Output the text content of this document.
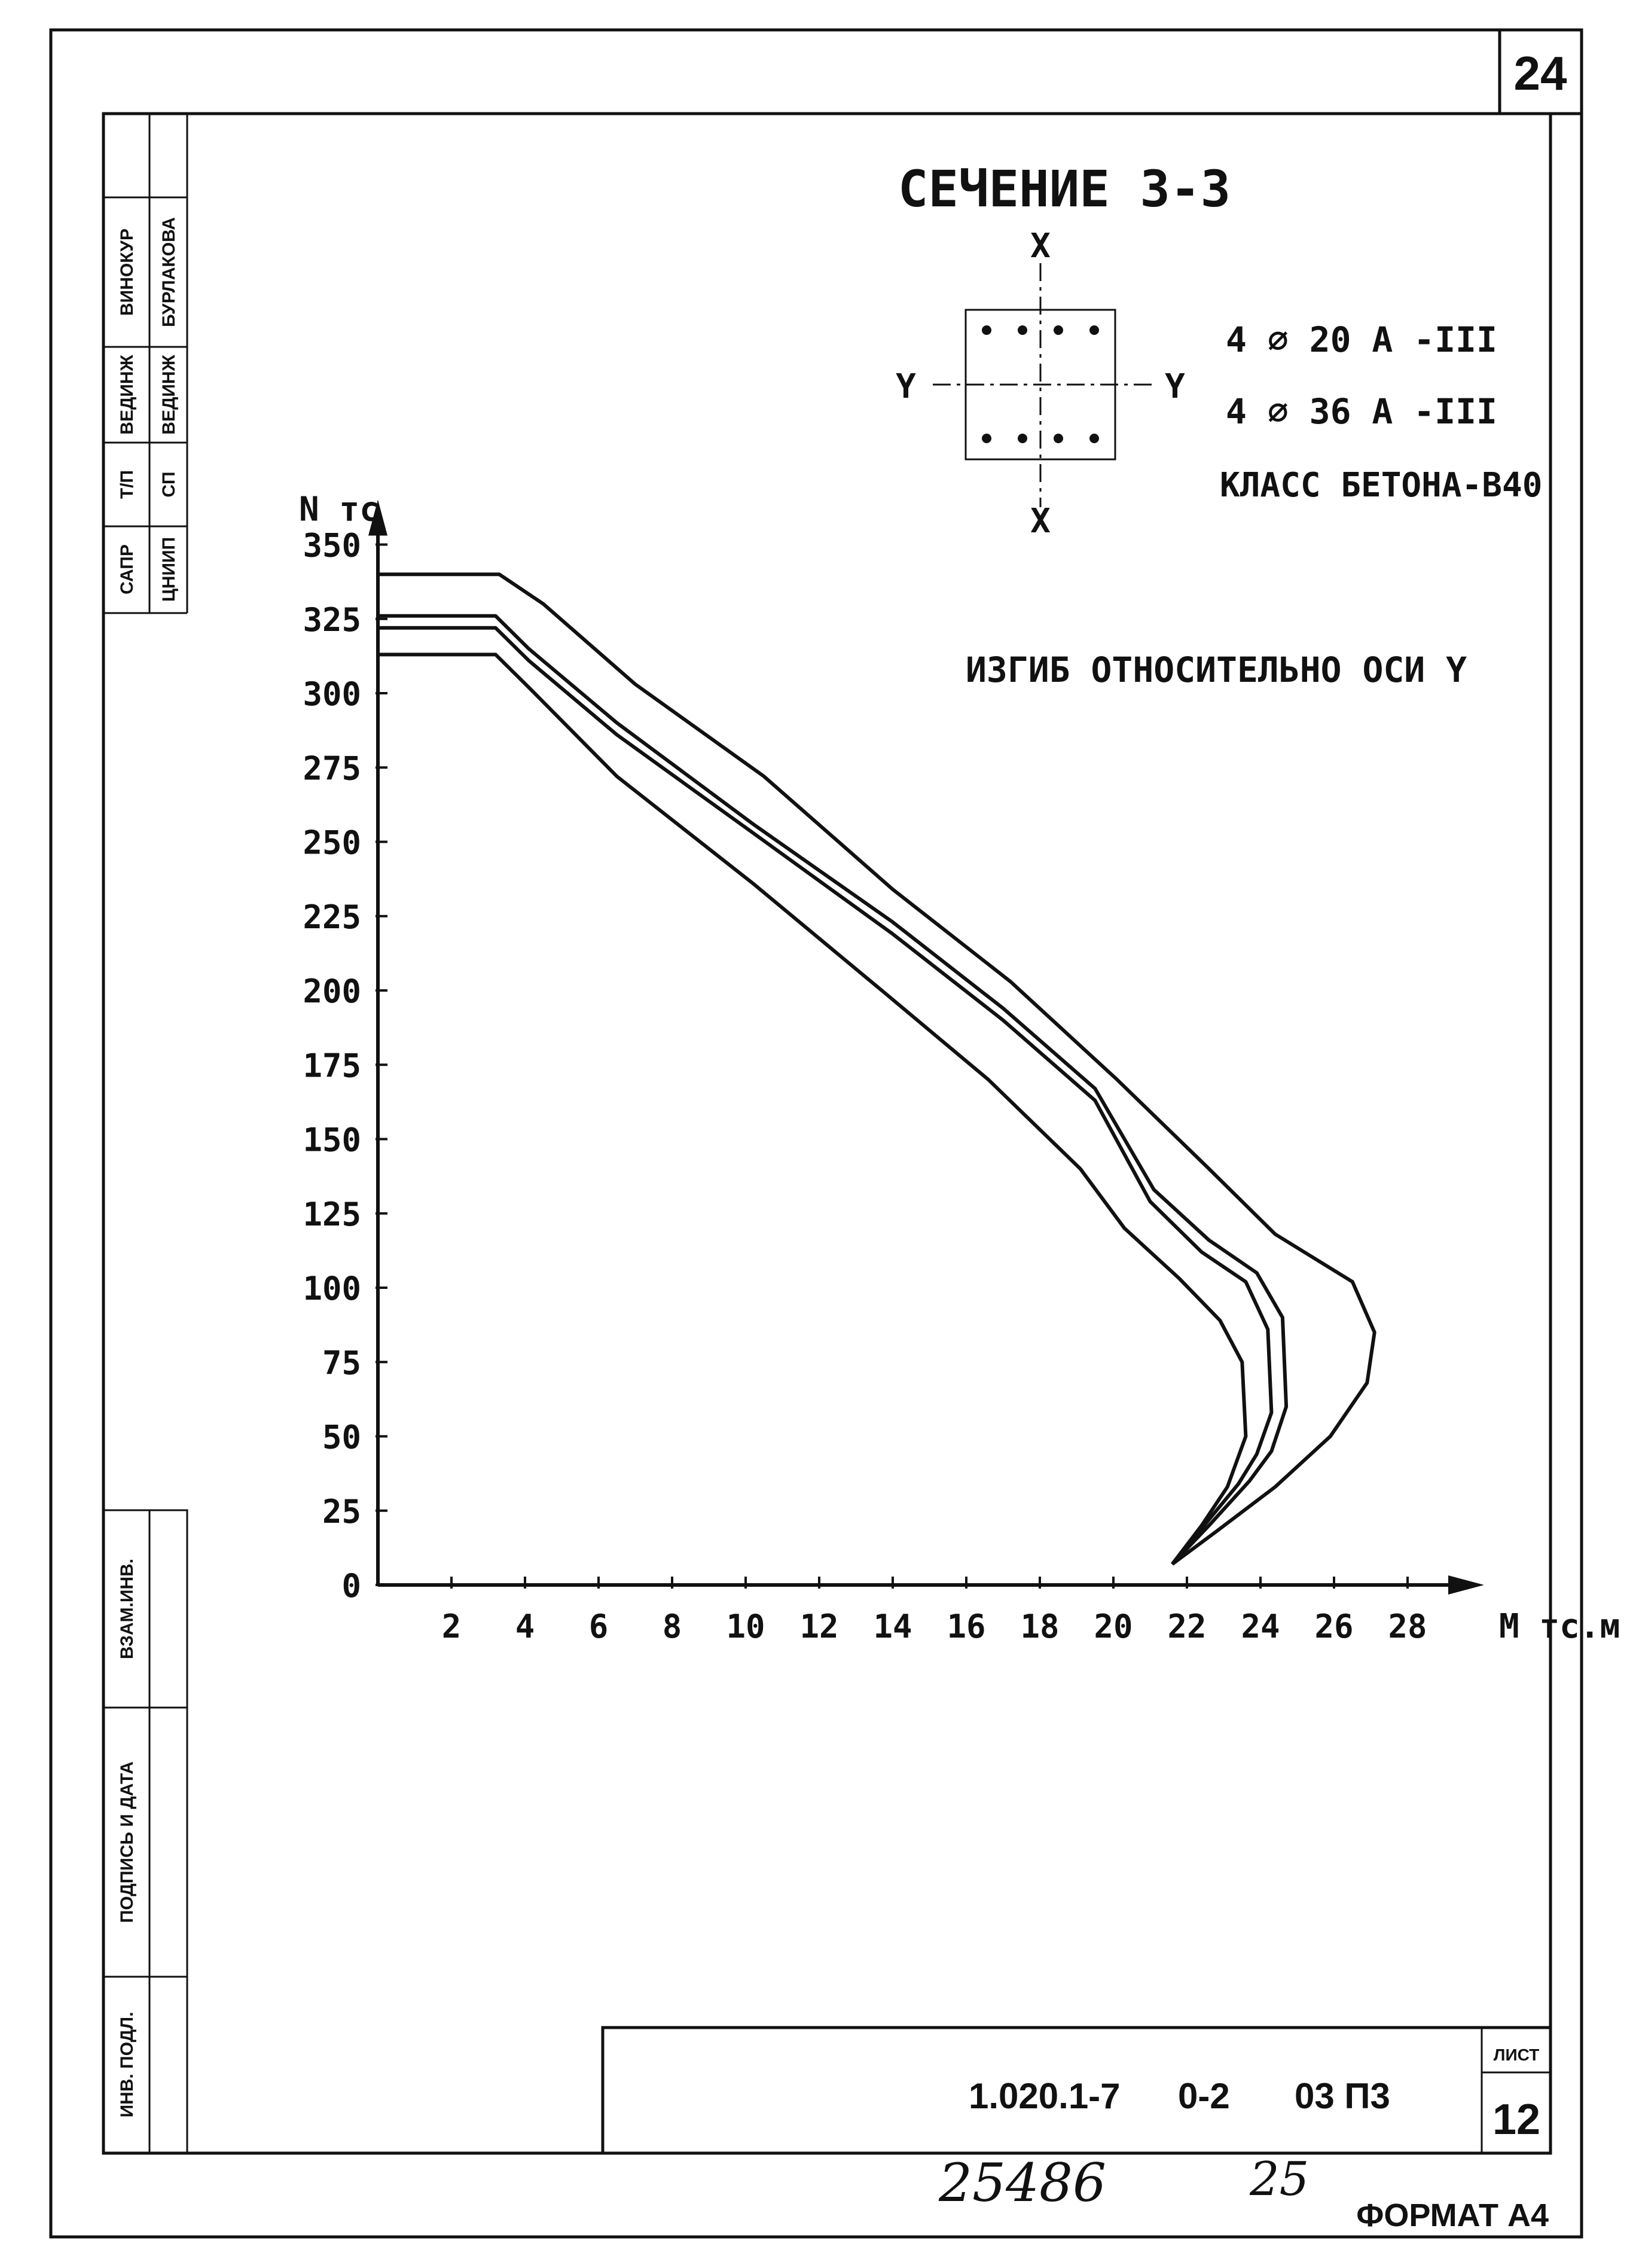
24
ВИНОКУР БУРЛАКОВА
ВЕДИНЖ ВЕДИНЖ
Т/П СП
САПР ЦНИИП
ВЗАМ.ИНВ.
ПОДПИСЬ И ДАТА
ИНВ. ПОДЛ.	1.020.1-7 0-2 03 П3
ЛИСТ
12
25486	25
ФОРМАТ А4
СЕЧЕНИЕ 3-3
X
X
Y	Y
4 ⌀ 20 А -III
4 ⌀ 36 А -III
КЛАСС БЕТОНА-В40
ИЗГИБ ОТНОСИТЕЛЬНО ОСИ Y
0
25
50
75
100
125
150
175
200
225
250
275
300
325
350
2 4 6 8 10 12 14 16 18 20 22 24 26 28
N тс
М тс.м
